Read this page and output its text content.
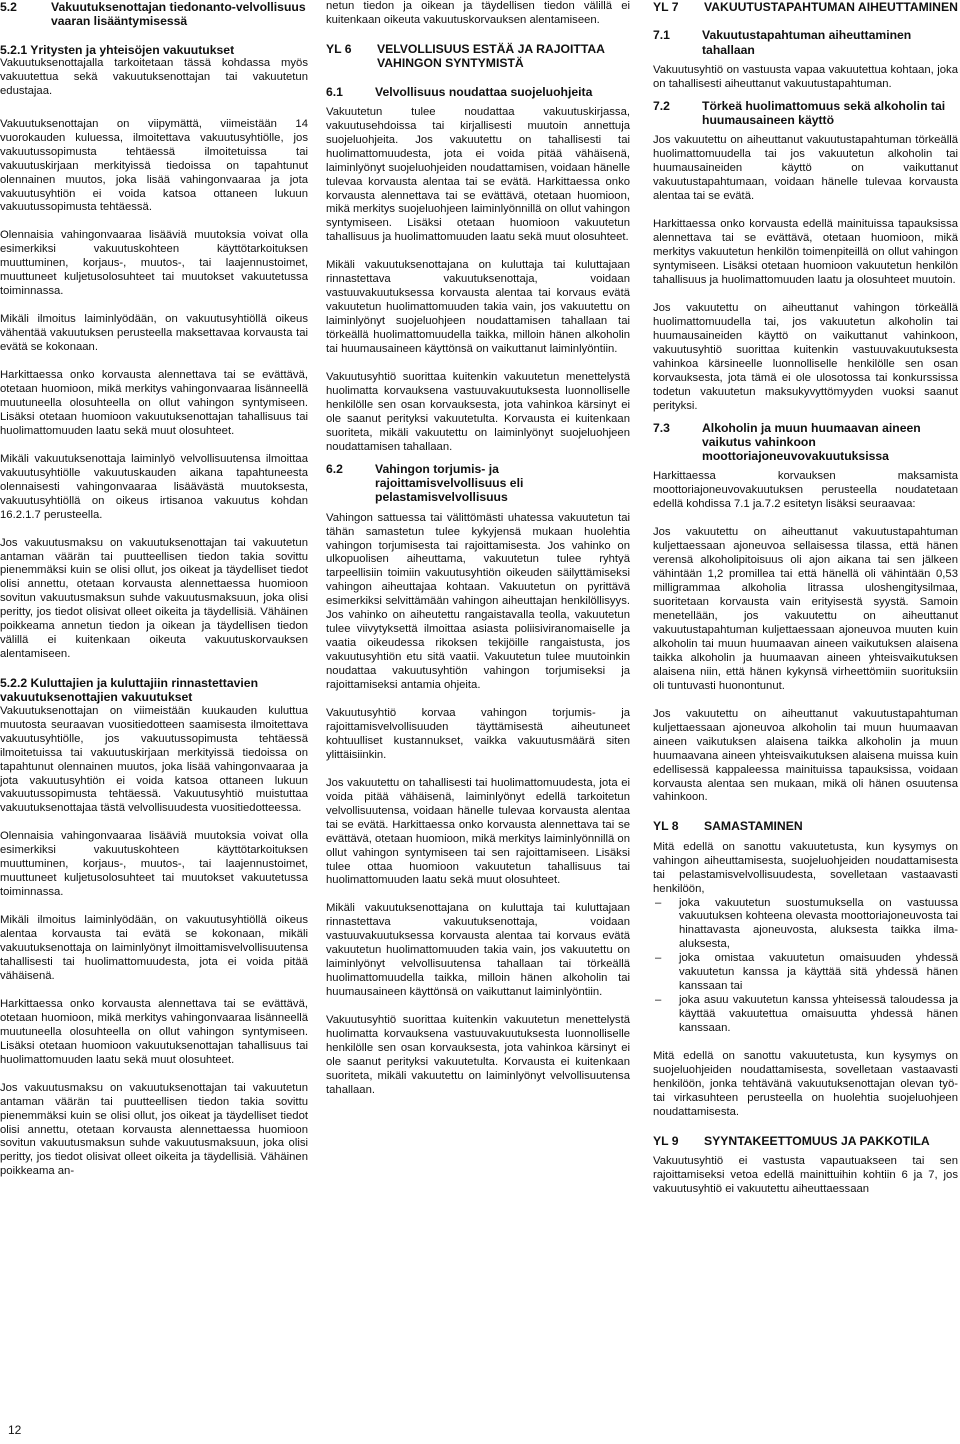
5.2	Vakuutuksenottajan tiedonanto-velvollisuus vaaran lisääntymisessä
5.2.1 Yritysten ja yhteisöjen vakuutukset
Vakuutuksenottajalla tarkoitetaan tässä kohdassa myös vakuutettua sekä vakuutuksenottajan tai vakuutetun edustajaa.
Vakuutuksenottajan on viipymättä, viimeistään 14 vuorokauden kuluessa, ilmoitettava vakuutusyhtiölle, jos vakuutussopimusta tehtäessä ilmoitetuissa tai vakuutuskirjaan merkityissä tiedoissa on tapahtunut olennainen muutos, joka lisää vahingonvaaraa ja jota vakuutusyhtiön ei voida katsoa ottaneen lukuun vakuutussopimusta tehtäessä.
Olennaisia vahingonvaaraa lisääviä muutoksia voivat olla esimerkiksi vakuutuskohteen käyttötarkoituksen muuttuminen, korjaus-, muutos-, tai laajennustoimet, muuttuneet kuljetusolosuhteet tai muutokset vakuutetussa toiminnassa.
Mikäli ilmoitus laiminlyödään, on vakuutusyhtiöllä oikeus vähentää vakuutuksen perusteella maksettavaa korvausta tai evätä se kokonaan.
Harkittaessa onko korvausta alennettava tai se evättävä, otetaan huomioon, mikä merkitys vahingonvaaraa lisänneellä muutuneella olosuhteella on ollut vahingon syntymiseen. Lisäksi otetaan huomioon vakuutuksenottajan tahallisuus tai huolimattomuuden laatu sekä muut olosuhteet.
Mikäli vakuutuksenottaja laiminlyö velvollisuutensa ilmoittaa vakuutusyhtiölle vakuutuskauden aikana tapahtuneesta olennaisesti vahingonvaaraa lisäävästä muutoksesta, vakuutusyhtiöllä on oikeus irtisanoa vakuutus kohdan 16.2.1.7 perusteella.
Jos vakuutusmaksu on vakuutuksenottajan tai vakuutetun antaman väärän tai puutteellisen tiedon takia sovittu pienemmäksi kuin se olisi ollut, jos oikeat ja täydelliset tiedot olisi annettu, otetaan korvausta alennettaessa huomioon sovitun vakuutusmaksun suhde vakuutusmaksuun, joka olisi peritty, jos tiedot olisivat olleet oikeita ja täydellisiä. Vähäinen poikkeama annetun tiedon ja oikean ja täydellisen tiedon välillä ei kuitenkaan oikeuta vakuutuskorvauksen alentamiseen.
5.2.2 Kuluttajien ja kuluttajiin rinnastettavien vakuutuksenottajien vakuutukset
Vakuutuksenottajan on viimeistään kuukauden kuluttua muutosta seuraavan vuositiedotteen saamisesta ilmoitettava vakuutusyhtiölle, jos vakuutussopimusta tehtäessä ilmoitetuissa tai vakuutuskirjaan merkityissä tiedoissa on tapahtunut olennainen muutos, joka lisää vahingonvaaraa ja jota vakuutusyhtiön ei voida katsoa ottaneen lukuun vakuutussopimusta tehtäessä. Vakuutusyhtiö muistuttaa vakuutuksenottajaa tästä velvollisuudesta vuositiedotteessa.
Olennaisia vahingonvaaraa lisääviä muutoksia voivat olla esimerkiksi vakuutuskohteen käyttötarkoituksen muuttuminen, korjaus-, muutos-, tai laajennustoimet, muuttuneet kuljetusolosuhteet tai muutokset vakuutetussa toiminnassa.
Mikäli ilmoitus laiminlyödään, on vakuutusyhtiöllä oikeus alentaa korvausta tai evätä se kokonaan, mikäli vakuutuksenottaja on laiminlyönyt ilmoittamisvelvollisuutensa tahallisesti tai huolimattomuudesta, jota ei voida pitää vähäisenä.
Harkittaessa onko korvausta alennettava tai se evättävä, otetaan huomioon, mikä merkitys vahingonvaaraa lisänneellä muutuneella olosuhteella on ollut vahingon syntymiseen. Lisäksi otetaan huomioon vakuutuksenottajan tahallisuus tai huolimattomuuden laatu sekä muut olosuhteet.
Jos vakuutusmaksu on vakuutuksenottajan tai vakuutetun antaman väärän tai puutteellisen tiedon takia sovittu pienemmäksi kuin se olisi ollut, jos oikeat ja täydelliset tiedot olisi annettu, otetaan korvausta alennettaessa huomioon sovitun vakuutusmaksun suhde vakuutusmaksuun, joka olisi peritty, jos tiedot olisivat olleet oikeita ja täydellisiä. Vähäinen poikkeama an-
netun tiedon ja oikean ja täydellisen tiedon välillä ei kuitenkaan oikeuta vakuutuskorvauksen alentamiseen.
YL 6	VELVOLLISUUS ESTÄÄ JA RAJOITTAA VAHINGON SYNTYMISTÄ
6.1	Velvollisuus noudattaa suojeluohjeita
Vakuutetun tulee noudattaa vakuutuskirjassa, vakuutusehdoissa tai kirjallisesti muutoin annettuja suojeluohjeita. Jos vakuutettu on tahallisesti tai huolimattomuudesta, jota ei voida pitää vähäisenä, laiminlyönyt suojeluohjeiden noudattamisen, voidaan hänelle tulevaa korvausta alentaa tai se evätä. Harkittaessa onko korvausta alennettava tai se evättävä, otetaan huomioon, mikä merkitys suojeluohjeen laiminlyönnillä on ollut vahingon syntymiseen. Lisäksi otetaan huomioon vakuutetun tahallisuus ja huolimattomuuden laatu sekä muut olosuhteet.
Mikäli vakuutuksenottajana on kuluttaja tai kuluttajaan rinnastettava vakuutuksenottaja, voidaan vastuuvakuutuksessa korvausta alentaa tai korvaus evätä vakuutetun huolimattomuuden takia vain, jos vakuutettu on laiminlyönyt suojeluohjeen noudattamisen tahallaan tai törkeällä huolimattomuudella taikka, milloin hänen alkoholin tai huumausaineen käyttönsä on vaikuttanut laiminlyöntiin.
Vakuutusyhtiö suorittaa kuitenkin vakuutetun menettelystä huolimatta korvauksena vastuuvakuutuksesta luonnolliselle henkilölle sen osan korvauksesta, jota vahinkoa kärsinyt ei ole saanut perityksi vakuutetulta. Korvausta ei kuitenkaan suoriteta, mikäli vakuutettu on laiminlyönyt suojeluohjeen noudattamisen tahallaan.
6.2	Vahingon torjumis- ja rajoittamisvelvollisuus eli pelastamisvelvollisuus
Vahingon sattuessa tai välittömästi uhatessa vakuutetun tai tähän samastetun tulee kykyjensä mukaan huolehtia vahingon torjumisesta tai rajoittamisesta. Jos vahinko on ulkopuolisen aiheuttama, vakuutetun tulee ryhtyä tarpeellisiin toimiin vakuutusyhtiön oikeuden säilyttämiseksi vahingon aiheuttajaa kohtaan. Vakuutetun on pyrittävä esimerkiksi selvittämään vahingon aiheuttajan henkilöllisyys. Jos vahinko on aiheutettu rangaistavalla teolla, vakuutetun tulee viivytyksettä ilmoittaa asiasta poliisiviranomaiselle ja vaatia oikeudessa rikoksen tekijöille rangaistusta, jos vakuutusyhtiön etu sitä vaatii. Vakuutetun tulee muutoinkin noudattaa vakuutusyhtiön vahingon torjumiseksi ja rajoittamiseksi antamia ohjeita.
Vakuutusyhtiö korvaa vahingon torjumis- ja rajoittamisvelvollisuuden täyttämisestä aiheutuneet kohtuulliset kustannukset, vaikka vakuutusmäärä siten ylittäisiinkin.
Jos vakuutettu on tahallisesti tai huolimattomuudesta, jota ei voida pitää vähäisenä, laiminlyönyt edellä tarkoitetun velvollisuutensa, voidaan hänelle tulevaa korvausta alentaa tai se evätä. Harkittaessa onko korvausta alennettava tai se evättävä, otetaan huomioon, mikä merkitys laiminlyönnillä on ollut vahingon syntymiseen tai sen rajoittamiseen. Lisäksi tulee ottaa huomioon vakuutetun tahallisuus tai huolimattomuuden laatu sekä muut olosuhteet.
Mikäli vakuutuksenottajana on kuluttaja tai kuluttajaan rinnastettava vakuutuksenottaja, voidaan vastuuvakuutuksessa korvausta alentaa tai korvaus evätä vakuutetun huolimattomuuden takia vain, jos vakuutettu on laiminlyönyt velvollisuutensa tahallaan tai törkeällä huolimattomuudella taikka, milloin hänen alkoholin tai huumausaineen käyttönsä on vaikuttanut laiminlyöntiin.
Vakuutusyhtiö suorittaa kuitenkin vakuutetun menettelystä huolimatta korvauksena vastuuvakuutuksesta luonnolliselle henkilölle sen osan korvauksesta, jota vahinkoa kärsinyt ei ole saanut perityksi vakuutetulta. Korvausta ei kuitenkaan suoriteta, mikäli vakuutettu on laiminlyönyt velvollisuutensa tahallaan.
YL 7	VAKUUTUSTAPAHTUMAN AIHEUTTAMINEN
7.1	Vakuutustapahtuman aiheuttaminen tahallaan
Vakuutusyhtiö on vastuusta vapaa vakuutettua kohtaan, joka on tahallisesti aiheuttanut vakuutustapahtuman.
7.2	Törkeä huolimattomuus sekä alkoholin tai huumausaineen käyttö
Jos vakuutettu on aiheuttanut vakuutustapahtuman törkeällä huolimattomuudella tai jos vakuutetun alkoholin tai huumausaineiden käyttö on vaikuttanut vakuutustapahtumaan, voidaan hänelle tulevaa korvausta alentaa tai se evätä.
Harkittaessa onko korvausta edellä mainituissa tapauksissa alennettava tai se evättävä, otetaan huomioon, mikä merkitys vakuutetun henkilön toimenpiteillä on ollut vahingon syntymiseen. Lisäksi otetaan huomioon vakuutetun henkilön tahallisuus ja huolimattomuuden laatu ja olosuhteet muutoin.
Jos vakuutettu on aiheuttanut vahingon törkeällä huolimattomuudella tai, jos vakuutetun alkoholin tai huumausaineiden käyttö on vaikuttanut vahinkoon, vakuutusyhtiö suorittaa kuitenkin vastuuvakuutuksesta vahinkoa kärsineelle luonnolliselle henkilölle sen osan korvauksesta, jota tämä ei ole ulosotossa tai konkurssissa todetun vakuutetun maksukyvyttömyyden vuoksi saanut perityksi.
7.3	Alkoholin ja muun huumaavan aineen vaikutus vahinkoon moottoriajoneuvovakuutuksissa
Harkittaessa korvauksen maksamista moottoriajoneuvovakuutuksen perusteella noudatetaan edellä kohdissa 7.1 ja.7.2 esitetyn lisäksi seuraavaa:
Jos vakuutettu on aiheuttanut vakuutustapahtuman kuljettaessaan ajoneuvoa sellaisessa tilassa, että hänen verensä alkoholipitoisuus oli ajon aikana tai sen jälkeen vähintään 1,2 promillea tai että hänellä oli vähintään 0,53 milligrammaa alkoholia litrassa uloshengitysilmaa, suoritetaan korvausta vain erityisestä syystä. Samoin menetellään, jos vakuutettu on aiheuttanut vakuutustapahtuman kuljettaessaan ajoneuvoa muuten kuin alkoholin tai muun huumaavan aineen vaikutuksen alaisena taikka alkoholin ja huumaavan aineen yhteisvaikutuksen alaisena niin, että hänen kykynsä virheettömiin suorituksiin oli tuntuvasti huonontunut.
Jos vakuutettu on aiheuttanut vakuutustapahtuman kuljettaessaan ajoneuvoa alkoholin tai muun huumaavan aineen vaikutuksen alaisena taikka alkoholin ja muun huumaavana aineen yhteisvaikutuksen alaisena muissa kuin edellisessä kappaleessa mainituissa tapauksissa, voidaan korvausta alentaa sen mukaan, mikä oli hänen osuutensa vahinkoon.
YL 8	SAMASTAMINEN
Mitä edellä on sanottu vakuutetusta, kun kysymys on vahingon aiheuttamisesta, suojeluohjeiden noudattamisesta tai pelastamisvelvollisuudesta, sovelletaan vastaavasti henkilöön,
– joka vakuutetun suostumuksella on vastuussa vakuutuksen kohteena olevasta moottoriajoneuvosta tai hinattavasta ajoneuvosta, aluksesta taikka ilma-aluksesta,
– joka omistaa vakuutetun omaisuuden yhdessä vakuutetun kanssa ja käyttää sitä yhdessä hänen kanssaan tai
– joka asuu vakuutetun kanssa yhteisessä taloudessa ja käyttää vakuutettua omaisuutta yhdessä hänen kanssaan.
Mitä edellä on sanottu vakuutetusta, kun kysymys on suojeluohjeiden noudattamisesta, sovelletaan vastaavasti henkilöön, jonka tehtävänä vakuutuksenottajan olevan työ- tai virkasuhteen perusteella on huolehtia suojeluohjeen noudattamisesta.
YL 9	SYYNTAKEETTOMUUS JA PAKKOTILA
Vakuutusyhtiö ei vastusta vapautuakseen tai sen rajoittamiseksi vetoa edellä mainittuihin kohtiin 6 ja 7, jos vakuutusyhtiö ei vakuutettu aiheuttaessaan
12
